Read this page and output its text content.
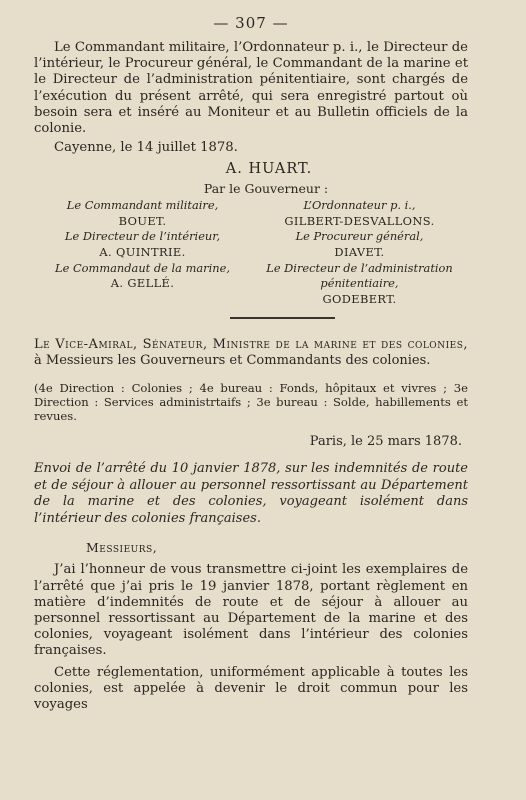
— 307 —

Le Commandant militaire, l’Ordonnateur p. i., le Directeur de l’intérieur, le Procureur général, le Commandant de la marine et le Directeur de l’administration pénitentiaire, sont chargés de l’exécution du présent arrêté, qui sera enregistré partout où besoin sera et inséré au Moniteur et au Bulletin officiels de la colonie.

Cayenne, le 14 juillet 1878.
A. HUART.
Par le Gouverneur :
Le Commandant militaire,
BOUET.
Le Directeur de l’intérieur,
A. QUINTRIE.
Le Commandaut de la marine,
A. GELLÉ.
L’Ordonnateur p. i.,
GILBERT-DESVALLONS.
Le Procureur général,
DIAVET.
Le Directeur de l’administration
pénitentiaire,
GODEBERT.

Le Vice-Amiral, Sénateur, Ministre de la marine et des colonies, à Messieurs les Gouverneurs et Commandants des colonies.

(4e Direction : Colonies ; 4e bureau : Fonds, hôpitaux et vivres ; 3e Direction : Services administrtaifs ; 3e bureau : Solde, habillements et revues.

Paris, le 25 mars 1878.

Envoi de l’arrêté du 10 janvier 1878, sur les indemnités de route et de séjour à allouer au personnel ressortissant au Département de la marine et des colonies, voyageant isolément dans l’intérieur des colonies françaises.

Messieurs,

J’ai l’honneur de vous transmettre ci-joint les exemplaires de l’arrêté que j’ai pris le 19 janvier 1878, portant règlement en matière d’indemnités de route et de séjour à allouer au personnel ressortissant au Département de la marine et des colonies, voyageant isolément dans l’intérieur des colonies françaises.

Cette réglementation, uniformément applicable à toutes les colonies, est appelée à devenir le droit commun pour les voyages
